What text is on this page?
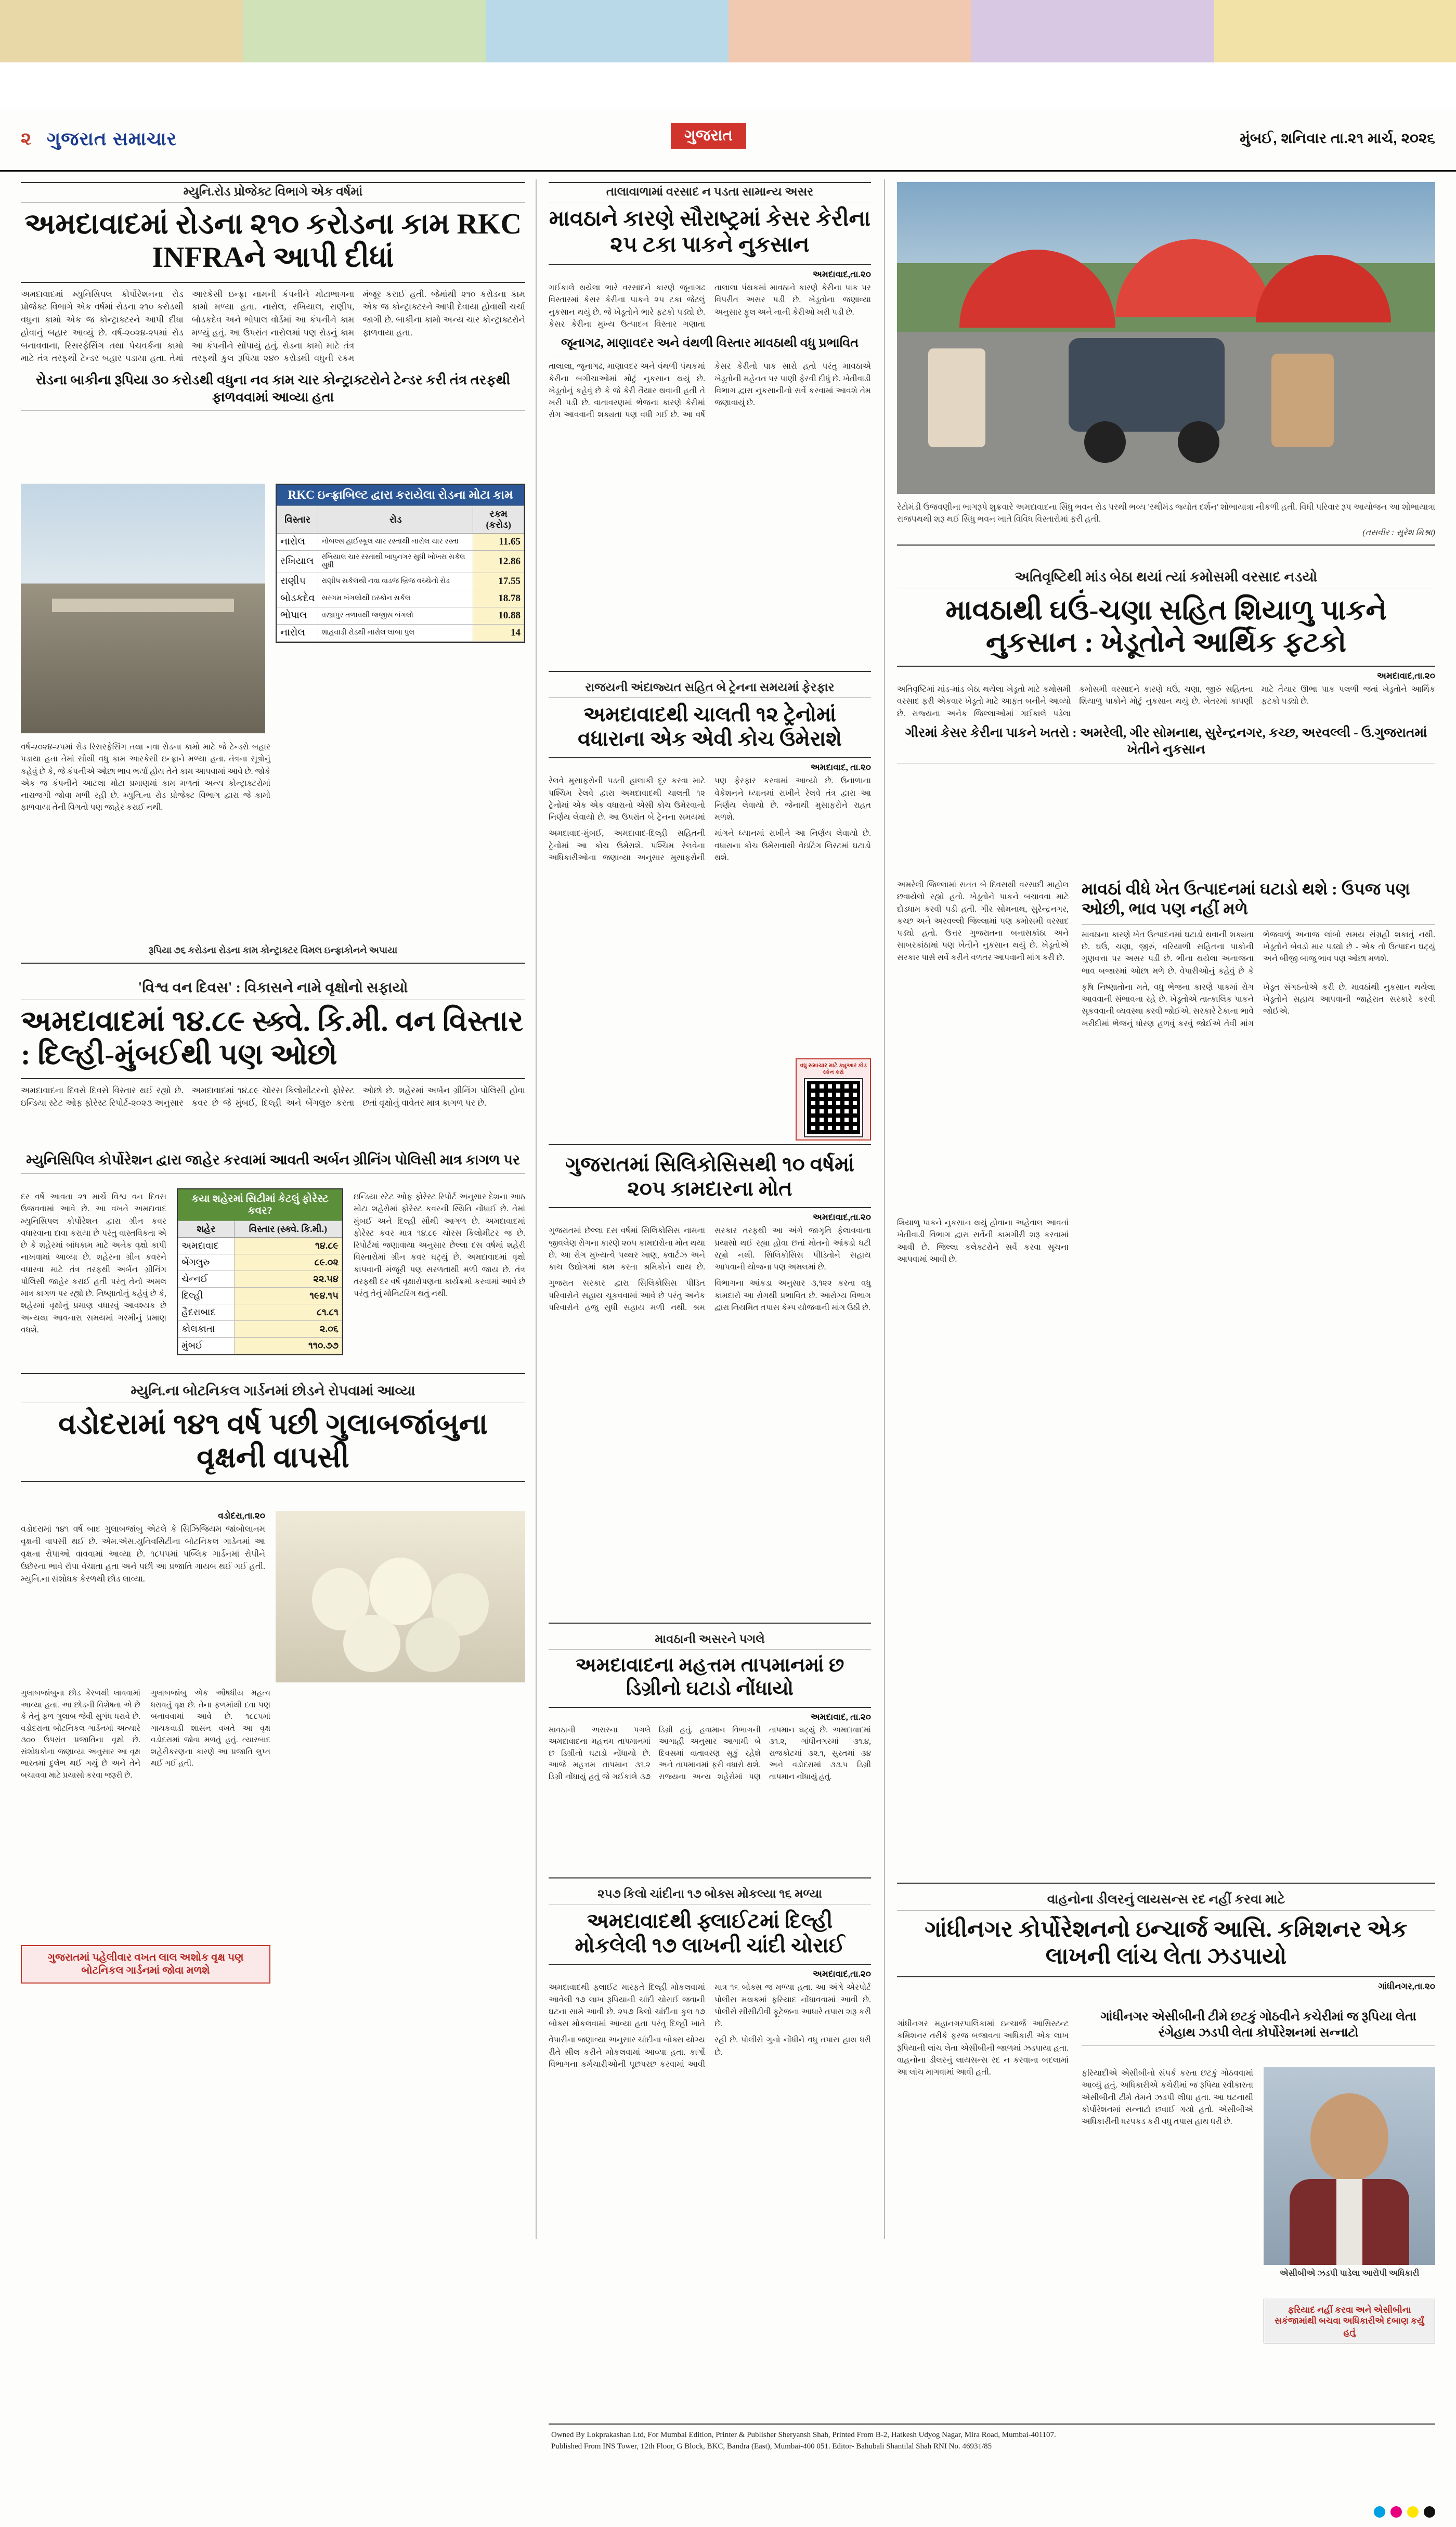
૨ ગુજરાત સમાચાર	ગુજરાત	મુંબઈ, શનિવાર તા.૨૧ માર્ચ, ૨૦૨૬
મ્યુનિ.રોડ પ્રોજેક્ટ વિભાગે એક વર્ષમાં
અમદાવાદમાં રોડના ૨૧૦ કરોડના કામ RKC INFRAને આપી દીધાં
અમદાવાદમાં મ્યુનિસિપલ કોર્પોરેશનના રોડ પ્રોજેક્ટ વિભાગે એક વર્ષમાં રોડના ૨૧૦ કરોડથી વધુના કામો એક જ કોન્ટ્રાક્ટરને આપી દીધા હોવાનું બહાર આવ્યું છે. વર્ષ-૨૦૨૪-૨૫માં રોડ બનાવવાના, રિસરફેસિંગ તથા પેચવર્કના કામો માટે તંત્ર તરફથી ટેન્ડર બહાર પડાયા હતા. તેમાં આરકેસી ઇન્ફ્રા નામની કંપનીને મોટાભાગના કામો મળ્યા હતા. નારોલ, રખિયાલ, રાણીપ, બોડકદેવ અને ભોપાલ વોર્ડમાં આ કંપનીને કામ મળ્યું હતું. આ ઉપરાંત નારોલમાં પણ રોડનું કામ આ કંપનીને સોંપાયું હતું. રોડના કામો માટે તંત્ર તરફથી કુલ રૂપિયા ૨૪૦ કરોડથી વધુની રકમ મંજૂર કરાઈ હતી. જેમાંથી ૨૧૦ કરોડના કામ એક જ કોન્ટ્રાક્ટરને આપી દેવાયા હોવાથી ચર્ચા જાગી છે. બાકીના કામો અન્ય ચાર કોન્ટ્રાક્ટરોને ફાળવાયા હતા.
રોડના બાકીના રૂપિયા ૩૦ કરોડથી વધુના નવ કામ ચાર કોન્ટ્રાક્ટરોને ટેન્ડર કરી તંત્ર તરફથી ફાળવવામાં આવ્યા હતા
RKC ઇન્ફ્રાબિલ્ટ દ્વારા કરાયેલા રોડના મોટા કામ
વિસ્તાર	રોડ	રકમ (કરોડ)
નારોલ	નોબલ્સ હાઈસ્કૂલ ચાર રસ્તાથી નારોલ ચાર રસ્તા	11.65
રખિયાલ	રખિયાલ ચાર રસ્તાથી બાપુનગર સુધી ખોખરા સર્કલ સુધી	12.86
રાણીપ	રાણીપ સર્કલથી નવા વાડજ બ્રિજ વચ્ચેનો રોડ	17.55
બોડકદેવ	સરગમ બંગલોથી ઇસ્કોન સર્કલ	18.78
ભોપાલ	વસ્ત્રાપુર તળાવથી જજીસ બંગલો	10.88
નારોલ	શાહવાડી રોડથી નારોલ લાંબા પુલ	14
વર્ષ-૨૦૨૪-૨૫માં રોડ રિસરફેસિંગ તથા નવા રોડના કામો માટે જે ટેન્ડરો બહાર પડાયા હતા તેમાં સૌથી વધુ કામ આરકેસી ઇન્ફ્રાને મળ્યા હતા. તંત્રના સૂત્રોનું કહેવું છે કે, જે કંપનીએ ઓછા ભાવ ભર્યા હોય તેને કામ આપવામાં આવે છે. જોકે એક જ કંપનીને આટલા મોટા પ્રમાણમાં કામ મળતાં અન્ય કોન્ટ્રાક્ટરોમાં નારાજગી જોવા મળી રહી છે. મ્યુનિ.ના રોડ પ્રોજેક્ટ વિભાગ દ્વારા જે કામો ફાળવાયા તેની વિગતો પણ જાહેર કરાઈ નથી.
રૂપિયા ૭૬ કરોડના રોડના કામ કોન્ટ્રાક્ટર વિમલ ઇન્ફ્રાકોનને અપાયા
'વિશ્વ વન દિવસ' : વિકાસને નામે વૃક્ષોનો સફાયો
અમદાવાદમાં ૧૪.૮૯ સ્ક્વે. કિ.મી. વન વિસ્તાર : દિલ્હી-મુંબઈથી પણ ઓછો
અમદાવાદના દિવસે દિવસે વિસ્તાર થઈ રહ્યો છે. ઇન્ડિયા સ્ટેટ ઓફ ફોરેસ્ટ રિપોર્ટ-૨૦૨૩ અનુસાર અમદાવાદમાં ૧૪.૮૯ ચોરસ કિલોમીટરનો ફોરેસ્ટ કવર છે જે મુંબઈ, દિલ્હી અને બેંગલુરુ કરતા ઓછો છે. શહેરમાં અર્બન ગ્રીનિંગ પોલિસી હોવા છતાં વૃક્ષોનું વાવેતર માત્ર કાગળ પર છે.
મ્યુનિસિપિલ કોર્પોરેશન દ્વારા જાહેર કરવામાં આવતી અર્બન ગ્રીનિંગ પોલિસી માત્ર કાગળ પર
દર વર્ષે આવતા ૨૧ માર્ચે વિશ્વ વન દિવસ ઉજવવામાં આવે છે. આ વખતે અમદાવાદ મ્યુનિસિપલ કોર્પોરેશન દ્વારા ગ્રીન કવર વધારવાના દાવા કરાયા છે પરંતુ વાસ્તવિકતા એ છે કે શહેરમાં બાંધકામ માટે અનેક વૃક્ષો કાપી નાખવામાં આવ્યા છે. શહેરના ગ્રીન કવરને વધારવા માટે તંત્ર તરફથી અર્બન ગ્રીનિંગ પોલિસી જાહેર કરાઈ હતી પરંતુ તેનો અમલ માત્ર કાગળ પર રહ્યો છે. નિષ્ણાતોનું કહેવું છે કે, શહેરમાં વૃક્ષોનું પ્રમાણ વધારવું આવશ્યક છે અન્યથા આવનારા સમયમાં ગરમીનું પ્રમાણ વધશે.
કયા શહેરમાં સિટીમાં કેટલું ફોરેસ્ટ કવર?
શહેર	વિસ્તાર (સ્ક્વે. કિ.મી.)
અમદાવાદ	૧૪.૮૯
બેંગલુરુ	૮૯.૦૨
ચેન્નઈ	૨૨.૫૪
દિલ્હી	૧૯૪.૧૫
હૈદરાબાદ	૮૧.૮૧
કોલકાતા	૨.૦૬
મુંબઈ	૧૧૦.૭૭
ઇન્ડિયા સ્ટેટ ઓફ ફોરેસ્ટ રિપોર્ટ અનુસાર દેશના આઠ મોટા શહેરોમાં ફોરેસ્ટ કવરની સ્થિતિ નોંધાઈ છે. તેમાં મુંબઈ અને દિલ્હી સૌથી આગળ છે. અમદાવાદમાં ફોરેસ્ટ કવર માત્ર ૧૪.૮૯ ચોરસ કિલોમીટર જ છે. રિપોર્ટમાં જણાવાયા અનુસાર છેલ્લા દસ વર્ષમાં શહેરી વિસ્તારોમાં ગ્રીન કવર ઘટ્યું છે. અમદાવાદમાં વૃક્ષો કાપવાની મંજૂરી પણ સરળતાથી મળી જાય છે. તંત્ર તરફથી દર વર્ષે વૃક્ષારોપણના કાર્યક્રમો કરવામાં આવે છે પરંતુ તેનું મોનિટરિંગ થતું નથી.
મ્યુનિ.ના બોટનિકલ ગાર્ડનમાં છોડને રોપવામાં આવ્યા
વડોદરામાં ૧૪૧ વર્ષ પછી ગુલાબજાંબુના વૃક્ષની વાપસી
વડોદરા,તા.૨૦
વડોદરામાં ૧૪૧ વર્ષ બાદ ગુલાબજાંબુ એટલે કે સિઝિજિયમ જાંબોલાનમ વૃક્ષની વાપસી થઈ છે. એમ.એસ.યુનિવર્સિટીના બોટનિકલ ગાર્ડનમાં આ વૃક્ષના રોપાઓ વાવવામાં આવ્યા છે. ૧૮૫૫માં પબ્લિક ગાર્ડનમાં રોપીને ઉછેરના ભાવે રોપા વેચાતા હતા અને પછી આ પ્રજાતિ ગાયબ થઈ ગઈ હતી. મ્યુનિ.ના સંશોધક કેરળથી છોડ લાવ્યા.
ગુલાબજાંબુના છોડ કેરળથી લાવવામાં આવ્યા હતા. આ છોડની વિશેષતા એ છે કે તેનું ફળ ગુલાબ જેવી સુગંધ ધરાવે છે. વડોદરાના બોટનિકલ ગાર્ડનમાં અત્યારે ૩૦૦ ઉપરાંત પ્રજાતિના વૃક્ષો છે. સંશોધકોના જણાવ્યા અનુસાર આ વૃક્ષ ભારતમાં દુર્લભ થઈ ગયું છે અને તેને બચાવવા માટે પ્રયાસો કરવા જરૂરી છે.
ગુલાબજાંબુ એક ઔષધીય મહત્વ ધરાવતું વૃક્ષ છે. તેના ફળમાંથી દવા પણ બનાવવામાં આવે છે. ૧૮૮૫માં ગાયકવાડી શાસન વખતે આ વૃક્ષ વડોદરામાં જોવા મળતું હતું. ત્યારબાદ શહેરીકરણના કારણે આ પ્રજાતિ લુપ્ત થઈ ગઈ હતી.
ગુજરાતમાં પહેલીવાર વખત લાલ અશોક વૃક્ષ પણ બોટનિકલ ગાર્ડનમાં જોવા મળશે
તાલાવાળામાં વરસાદ ન પડતા સામાન્ય અસર
માવઠાને કારણે સૌરાષ્ટ્રમાં કેસર કેરીના ૨૫ ટકા પાકને નુકસાન
અમદાવાદ,તા.૨૦
ગઈકાલે થયેલા ભારે વરસાદને કારણે જૂનાગઢ વિસ્તારમાં કેસર કેરીના પાકને ૨૫ ટકા જેટલું નુકસાન થયું છે. જે ખેડૂતોને ભારે ફટકો પડ્યો છે. કેસર કેરીના મુખ્ય ઉત્પાદન વિસ્તાર ગણાતા તાલાલા પંથકમાં માવઠાને કારણે કેરીના પાક પર વિપરીત અસર પડી છે. ખેડૂતોના જણાવ્યા અનુસાર ફૂલ અને નાની કેરીઓ ખરી પડી છે.
જૂનાગઢ, માણાવદર અને વંથળી વિસ્તાર માવઠાથી વધુ પ્રભાવિત
તાલાલા, જૂનાગઢ, માણાવદર અને વંથળી પંથકમાં કેરીના બગીચાઓમાં મોટું નુકસાન થયું છે. ખેડૂતોનું કહેવું છે કે જે કેરી તૈયાર થવાની હતી તે ખરી પડી છે. વાતાવરણમાં ભેજના કારણે કેરીમાં રોગ આવવાની શક્યતા પણ વધી ગઈ છે. આ વર્ષે કેસર કેરીનો પાક સારો હતો પરંતુ માવઠાએ ખેડૂતોની મહેનત પર પાણી ફેરવી દીધું છે. ખેતીવાડી વિભાગ દ્વારા નુકસાનીનો સર્વે કરવામાં આવશે તેમ જણાવાયું છે.
રાજયની અંદાજ્યત સહિત બે ટ્રેનના સમયમાં ફેરફાર
અમદાવાદથી ચાલતી ૧૨ ટ્રેનોમાં વધારાના એક એવી કોચ ઉમેરાશે
અમદાવાદ, તા.૨૦
રેલવે મુસાફરોની પડતી હાલાકી દૂર કરવા માટે પશ્ચિમ રેલવે દ્વારા અમદાવાદથી ચાલતી ૧૨ ટ્રેનોમાં એક એક વધારાનો એસી કોચ ઉમેરવાનો નિર્ણય લેવાયો છે. આ ઉપરાંત બે ટ્રેનના સમયમાં પણ ફેરફાર કરવામાં આવ્યો છે. ઉનાળાના વેકેશનને ધ્યાનમાં રાખીને રેલવે તંત્ર દ્વારા આ નિર્ણય લેવાયો છે. જેનાથી મુસાફરોને રાહત મળશે.
અમદાવાદ-મુંબઈ, અમદાવાદ-દિલ્હી સહિતની ટ્રેનોમાં આ કોચ ઉમેરાશે. પશ્ચિમ રેલવેના અધિકારીઓના જણાવ્યા અનુસાર મુસાફરોની માંગને ધ્યાનમાં રાખીને આ નિર્ણય લેવાયો છે. વધારાના કોચ ઉમેરાવાથી વેઇટિંગ લિસ્ટમાં ઘટાડો થશે.
ગુજરાતમાં સિલિકોસિસથી ૧૦ વર્ષમાં ૨૦૫ કામદારના મોત
અમદાવાદ,તા.૨૦
ગુજરાતમાં છેલ્લા દસ વર્ષમાં સિલિકોસિસ નામના જીવલેણ રોગના કારણે ૨૦૫ કામદારોના મોત થયા છે. આ રોગ મુખ્યત્વે પથ્થર ખાણ, ક્વાર્ટઝ અને કાચ ઉદ્યોગમાં કામ કરતા શ્રમિકોને થાય છે. સરકાર તરફથી આ અંગે જાગૃતિ ફેલાવવાના પ્રયાસો થઈ રહ્યા હોવા છતાં મોતનો આંકડો ઘટી રહ્યો નથી. સિલિકોસિસ પીડિતોને સહાય આપવાની યોજના પણ અમલમાં છે.
ગુજરાત સરકાર દ્વારા સિલિકોસિસ પીડિત પરિવારોને સહાય ચૂકવવામાં આવે છે પરંતુ અનેક પરિવારોને હજુ સુધી સહાય મળી નથી. શ્રમ વિભાગના આંકડા અનુસાર ૩,૧૨૨ કરતા વધુ કામદારો આ રોગથી પ્રભાવિત છે. આરોગ્ય વિભાગ દ્વારા નિયમિત તપાસ કેમ્પ યોજવાની માંગ ઉઠી છે.
વધુ સમાચાર માટે ક્યુઆર કોડ સ્કેન કરો
માવઠાની અસરને પગલે
અમદાવાદના મહત્તમ તાપમાનમાં છ ડિગ્રીનો ઘટાડો નોંધાયો
અમદાવાદ, તા.૨૦
માવઠાની અસરના પગલે અમદાવાદના મહત્તમ તાપમાનમાં છ ડિગ્રીનો ઘટાડો નોંધાયો છે. આજે મહત્તમ તાપમાન ૩૧.૨ ડિગ્રી નોંધાયું હતું જે ગઈકાલે ૩૭ ડિગ્રી હતું. હવામાન વિભાગની આગાહી અનુસાર આગામી બે દિવસમાં વાતાવરણ સૂકું રહેશે અને તાપમાનમાં ફરી વધારો થશે. રાજ્યના અન્ય શહેરોમાં પણ તાપમાન ઘટ્યું છે. અમદાવાદમાં ૩૧.૨, ગાંધીનગરમાં ૩૧.૪, રાજકોટમાં ૩૨.૧, સુરતમાં ૩૪ અને વડોદરામાં ૩૩.૫ ડિગ્રી તાપમાન નોંધાયું હતું.
૨૫૭ કિલો ચાંદીના ૧૭ બોક્સ મોકલ્યા ૧૬ મળ્યા
અમદાવાદથી ફ્લાઈટમાં દિલ્હી મોકલેલી ૧૭ લાખની ચાંદી ચોરાઈ
અમદાવાદ,તા.૨૦
અમદાવાદથી ફ્લાઈટ મારફતે દિલ્હી મોકલવામાં આવેલી ૧૭ લાખ રૂપિયાની ચાંદી ચોરાઈ જવાની ઘટના સામે આવી છે. ૨૫૭ કિલો ચાંદીના કુલ ૧૭ બોક્સ મોકલવામાં આવ્યા હતા પરંતુ દિલ્હી ખાતે માત્ર ૧૬ બોક્સ જ મળ્યા હતા. આ અંગે એરપોર્ટ પોલીસ મથકમાં ફરિયાદ નોંધાવવામાં આવી છે. પોલીસે સીસીટીવી ફૂટેજના આધારે તપાસ શરૂ કરી છે.
વેપારીના જણાવ્યા અનુસાર ચાંદીના બોક્સ યોગ્ય રીતે સીલ કરીને મોકલવામાં આવ્યા હતા. કાર્ગો વિભાગના કર્મચારીઓની પૂછપરછ કરવામાં આવી રહી છે. પોલીસે ગુનો નોંધીને વધુ તપાસ હાથ ધરી છે.
રેટોમંડી ઉજવણીના ભાગરૂપે શુક્રવારે અમદાવાદના સિંધુ ભવન રોડ પરથી ભવ્ય 'રથીમંડ જ્યોત દર્શન' શોભાયાત્રા નીકળી હતી. વિધી પરિવાર રૂપ આયોજન આ શોભાયાત્રા રાજપથથી શરૂ થઈ સિંધુ ભવન ખાતે વિવિધ વિસ્તારોમાં ફરી હતી.
(તસવીર : સુરેશ મિશ્રા)
અતિવૃષ્ટિથી માંડ બેઠા થયાં ત્યાં કમોસમી વરસાદ નડયો
માવઠાથી ઘઉં-ચણા સહિત શિયાળુ પાકને નુકસાન : ખેડૂતોને આર્થિક ફટકો
અમદાવાદ,તા.૨૦
અતિવૃષ્ટિમાં માંડ-માંડ બેઠા થયેલા ખેડૂતો માટે કમોસમી વરસાદ ફરી એકવાર ખેડૂતો માટે આફત બનીને આવ્યો છે. રાજ્યના અનેક જિલ્લાઓમાં ગઈકાલે પડેલા કમોસમી વરસાદને કારણે ઘઉં, ચણા, જીરું સહિતના શિયાળુ પાકોને મોટું નુકસાન થયું છે. ખેતરમાં કાપણી માટે તૈયાર ઊભા પાક પલળી જતાં ખેડૂતોને આર્થિક ફટકો પડ્યો છે.
ગીરમાં કેસર કેરીના પાકને ખતરો : અમરેલી, ગીર સોમનાથ, સુરેન્દ્રનગર, કચ્છ, અરવલ્લી - ઉ.ગુજરાતમાં ખેતીને નુકસાન
અમરેલી જિલ્લામાં સતત બે દિવસથી વરસાદી માહોલ છવાયેલો રહ્યો હતો. ખેડૂતોને પાકને બચાવવા માટે દોડધામ કરવી પડી હતી. ગીર સોમનાથ, સુરેન્દ્રનગર, કચ્છ અને અરવલ્લી જિલ્લામાં પણ કમોસમી વરસાદ પડ્યો હતો. ઉત્તર ગુજરાતના બનાસકાંઠા અને સાબરકાંઠામાં પણ ખેતીને નુકસાન થયું છે. ખેડૂતોએ સરકાર પાસે સર્વે કરીને વળતર આપવાની માંગ કરી છે.
શિયાળુ પાકને નુકસાન થયું હોવાના અહેવાલ આવતાં ખેતીવાડી વિભાગ દ્વારા સર્વેની કામગીરી શરૂ કરવામાં આવી છે. જિલ્લા કલેક્ટરોને સર્વે કરવા સૂચના આપવામાં આવી છે.
માવઠાં વીધે ખેત ઉત્પાદનમાં ઘટાડો થશે : ઉપજ પણ ઓછી, ભાવ પણ નહીં મળે
માવઠાના કારણે ખેત ઉત્પાદનમાં ઘટાડો થવાની શક્યતા છે. ઘઉં, ચણા, જીરું, વરિયાળી સહિતના પાકોની ગુણવત્તા પર અસર પડી છે. ભીના થયેલા અનાજના ભાવ બજારમાં ઓછા મળે છે. વેપારીઓનું કહેવું છે કે ભેજવાળું અનાજ લાંબો સમય સંગ્રહી શકાતું નથી. ખેડૂતોને બેવડો માર પડ્યો છે - એક તો ઉત્પાદન ઘટ્યું અને બીજી બાજુ ભાવ પણ ઓછા મળશે.
કૃષિ નિષ્ણાતોના મતે, વધુ ભેજના કારણે પાકમાં રોગ આવવાની સંભાવના રહે છે. ખેડૂતોએ તાત્કાલિક પાકને સૂકવવાની વ્યવસ્થા કરવી જોઈએ. સરકારે ટેકાના ભાવે ખરીદીમાં ભેજનું ધોરણ હળવું કરવું જોઈએ તેવી માંગ ખેડૂત સંગઠનોએ કરી છે. માવઠાંથી નુકસાન થયેલા ખેડૂતોને સહાય આપવાની જાહેરાત સરકારે કરવી જોઈએ.
વાહનોના ડીલરનું લાયસન્સ રદ નહીં કરવા માટે
ગાંધીનગર કોર્પોરેશનનો ઇન્ચાર્જ આસિ. કમિશનર એક લાખની લાંચ લેતા ઝડપાયો
ગાંધીનગર,તા.૨૦
ગાંધીનગર મહાનગરપાલિકામાં ઇન્ચાર્જ આસિસ્ટન્ટ કમિશનર તરીકે ફરજ બજાવતા અધિકારી એક લાખ રૂપિયાની લાંચ લેતા એસીબીની જાળમાં ઝડપાયા હતા. વાહનોના ડીલરનું લાયસન્સ રદ ન કરવાના બદલામાં આ લાંચ માગવામાં આવી હતી.
ગાંધીનગર એસીબીની ટીમે છટકું ગોઠવીને કચેરીમાં જ રૂપિયા લેતા રંગેહાથ ઝડપી લેતા કોર્પોરેશનમાં સન્નાટો
ફરિયાદીએ એસીબીનો સંપર્ક કરતા છટકું ગોઠવવામાં આવ્યું હતું. અધિકારીએ કચેરીમાં જ રૂપિયા સ્વીકારતા એસીબીની ટીમે તેમને ઝડપી લીધા હતા. આ ઘટનાથી કોર્પોરેશનમાં સન્નાટો છવાઈ ગયો હતો. એસીબીએ અધિકારીની ધરપકડ કરી વધુ તપાસ હાથ ધરી છે.
એસીબીએ ઝડપી પાડેલા આરોપી અધિકારી
ફરિયાદ નહીં કરવા અને એસીબીના સકંજામાંથી બચવા અધિકારીએ દબાણ કર્યું હતું
Owned By Lokprakashan Ltd, For Mumbai Edition, Printer & Publisher Sheryansh Shah, Printed From B-2, Hatkesh Udyog Nagar, Mira Road, Mumbai-401107.
Published From INS Tower, 12th Floor, G Block, BKC, Bandra (East), Mumbai-400 051. Editor- Bahubali Shantilal Shah RNI No. 46931/85
